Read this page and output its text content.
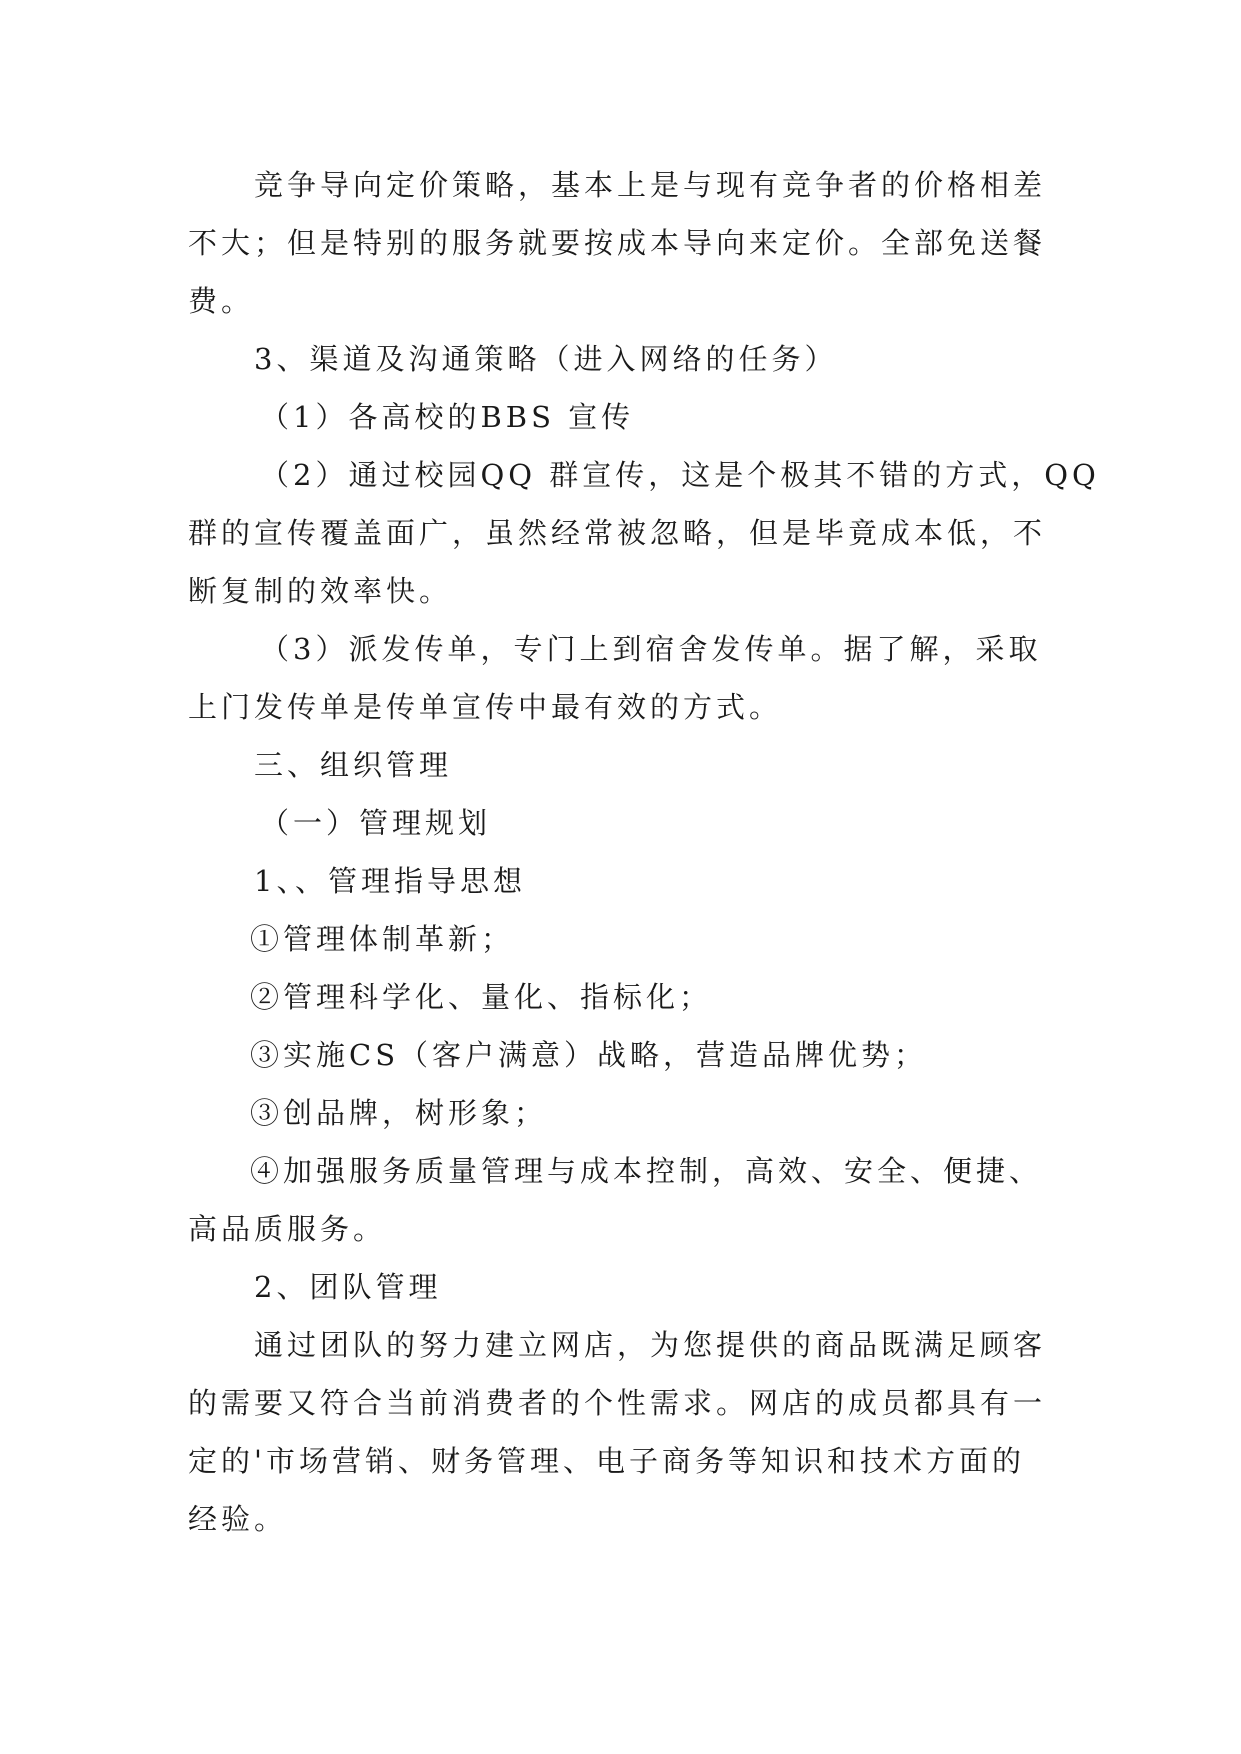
竞争导向定价策略，基本上是与现有竞争者的价格相差
不大；但是特别的服务就要按成本导向来定价。全部免送餐
费。
3、渠道及沟通策略（进入网络的任务）
（1）各高校的BBS 宣传
（2）通过校园QQ 群宣传，这是个极其不错的方式，QQ
群的宣传覆盖面广，虽然经常被忽略，但是毕竟成本低，不
断复制的效率快。
（3）派发传单，专门上到宿舍发传单。据了解，采取
上门发传单是传单宣传中最有效的方式。
三、组织管理
（一）管理规划
1、、管理指导思想
①管理体制革新；
②管理科学化、量化、指标化；
③实施CS（客户满意）战略，营造品牌优势；
③创品牌，树形象；
④加强服务质量管理与成本控制，高效、安全、便捷、
高品质服务。
2、团队管理
通过团队的努力建立网店，为您提供的商品既满足顾客
的需要又符合当前消费者的个性需求。网店的成员都具有一
定的'市场营销、财务管理、电子商务等知识和技术方面的
经验。
